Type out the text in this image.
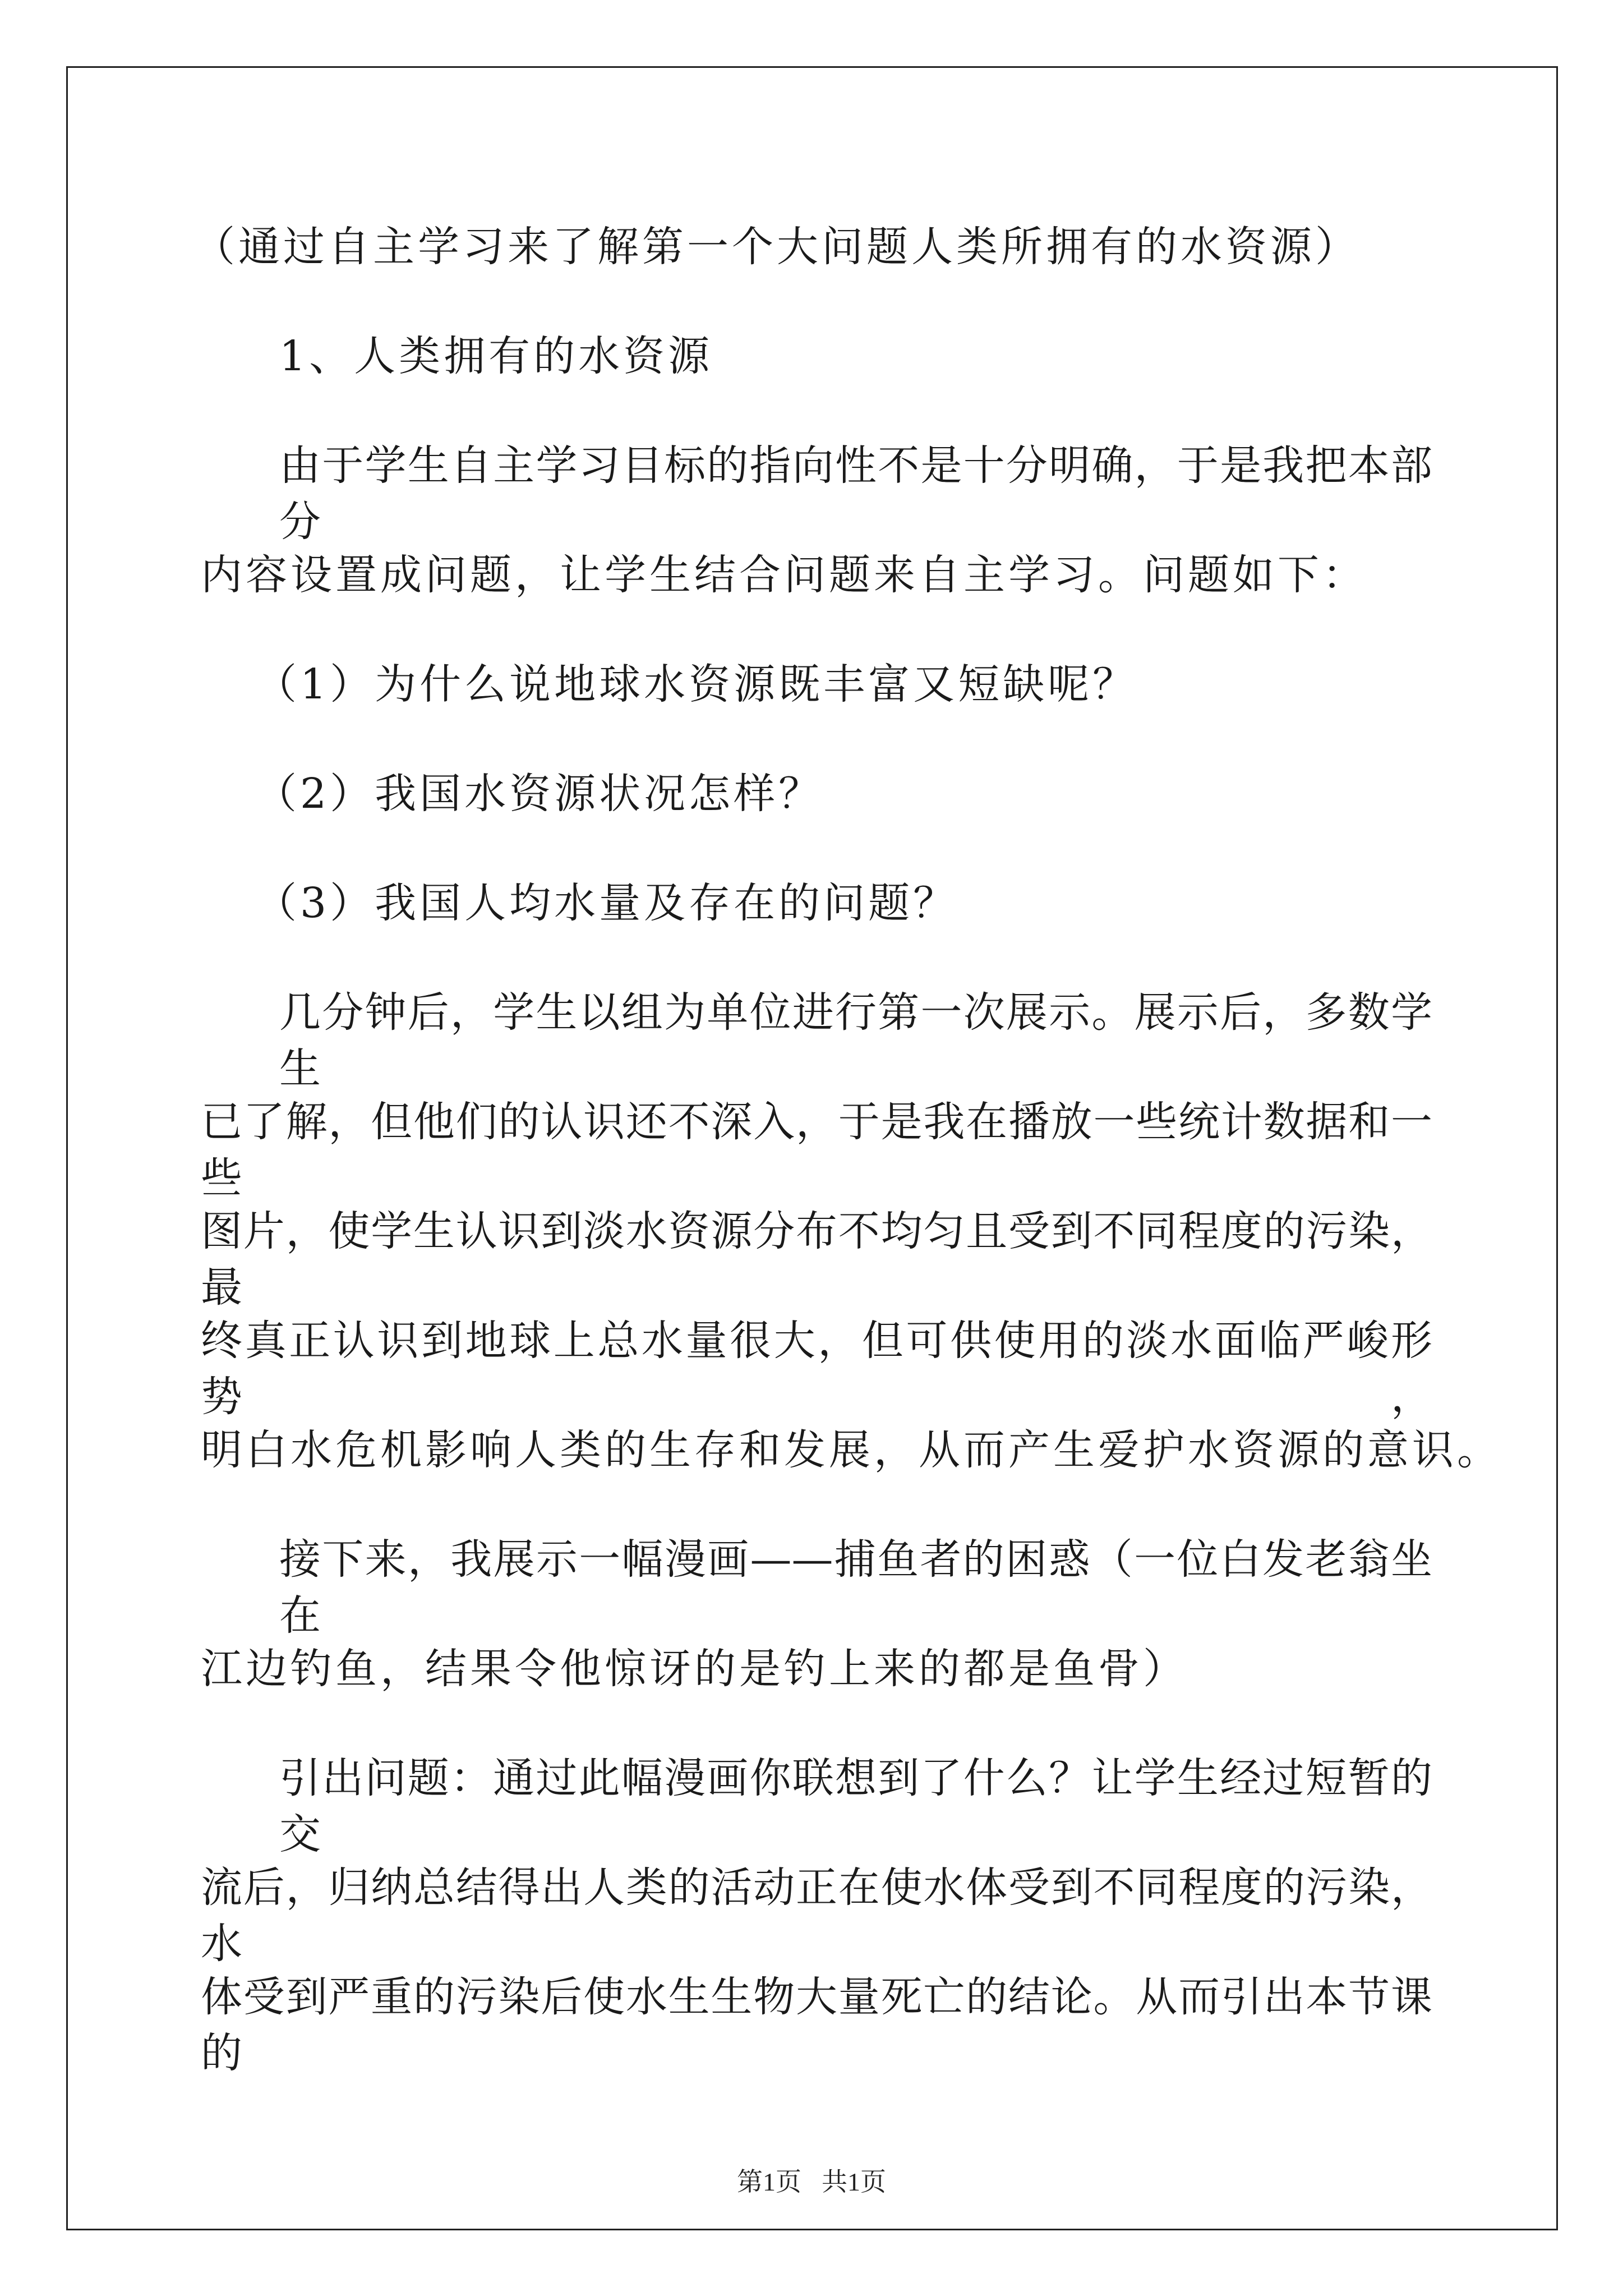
（通过自主学习来了解第一个大问题人类所拥有的水资源）
1、人类拥有的水资源
由于学生自主学习目标的指向性不是十分明确，于是我把本部分
内容设置成问题，让学生结合问题来自主学习。问题如下：
（1）为什么说地球水资源既丰富又短缺呢？
（2）我国水资源状况怎样？
（3）我国人均水量及存在的问题？
几分钟后，学生以组为单位进行第一次展示。展示后，多数学生
已了解，但他们的认识还不深入，于是我在播放一些统计数据和一些
图片，使学生认识到淡水资源分布不均匀且受到不同程度的污染，最
终真正认识到地球上总水量很大，但可供使用的淡水面临严峻形势，
明白水危机影响人类的生存和发展，从而产生爱护水资源的意识。
接下来，我展示一幅漫画——捕鱼者的困惑（一位白发老翁坐在
江边钓鱼，结果令他惊讶的是钓上来的都是鱼骨）
引出问题：通过此幅漫画你联想到了什么？让学生经过短暂的交
流后，归纳总结得出人类的活动正在使水体受到不同程度的污染，水
体受到严重的污染后使水生生物大量死亡的结论。从而引出本节课的
第1页 共1页
